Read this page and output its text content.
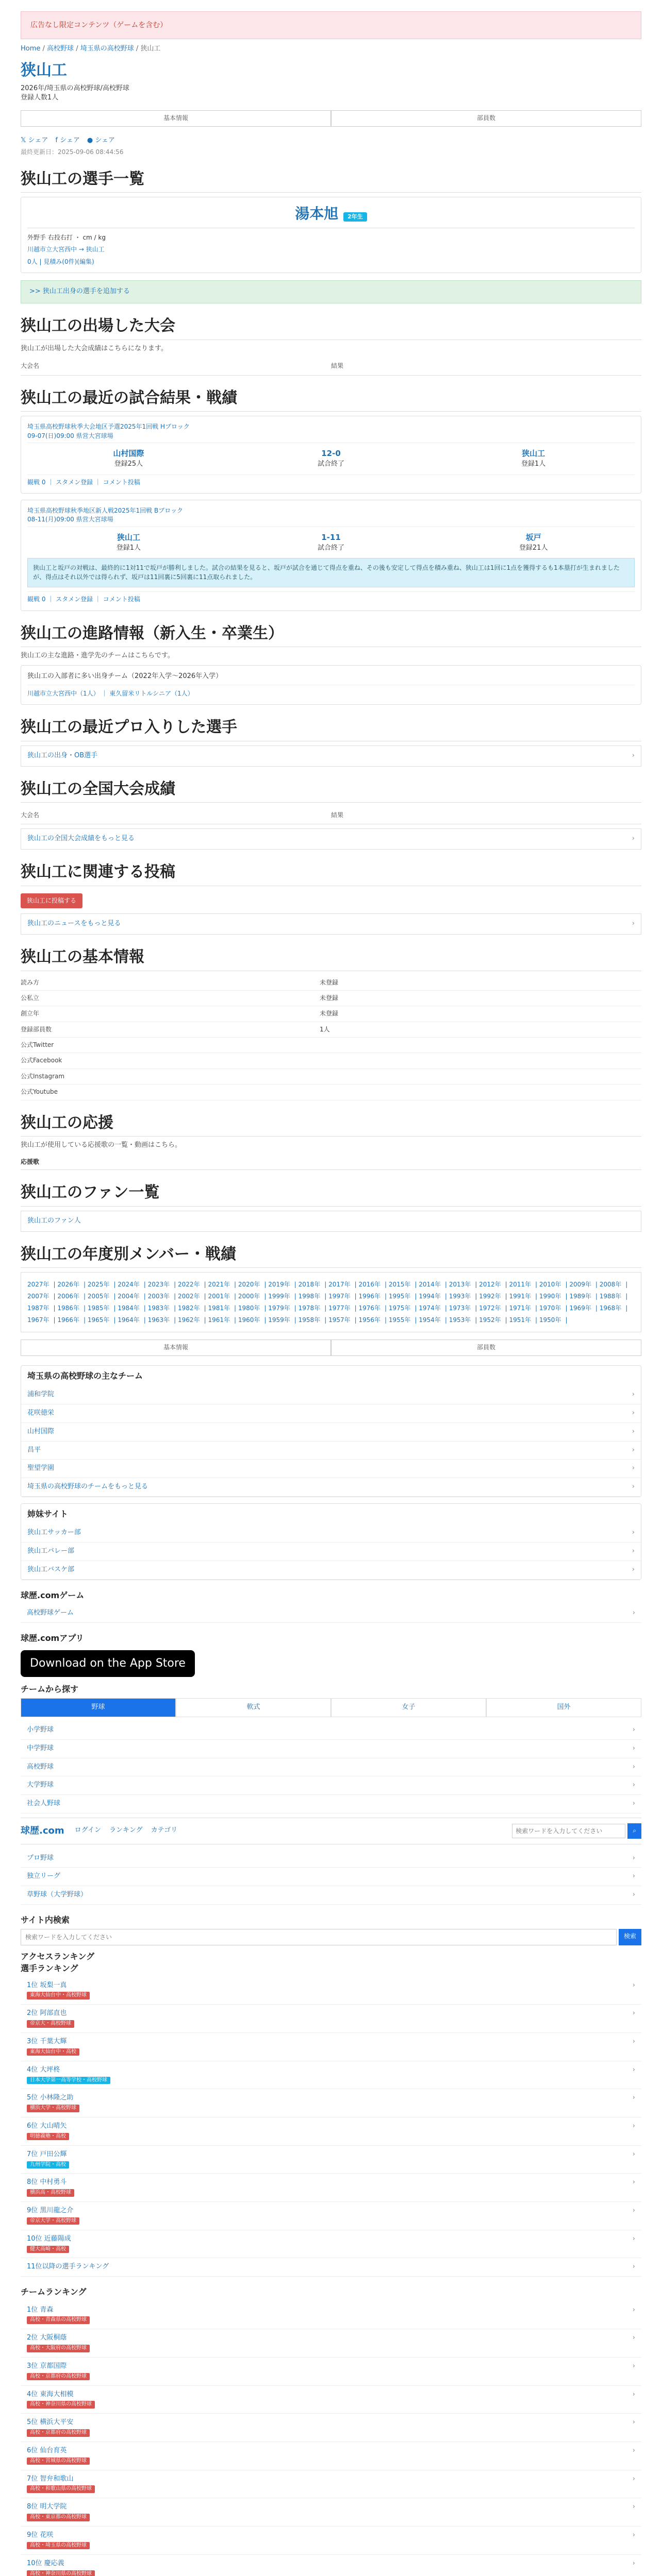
広告なし限定コンテンツ（ゲームを含む）
Home / 高校野球 / 埼玉県の高校野球 / 狭山工
狭山工
2026年/埼玉県の高校野球/高校野球
登録人数1人
基本情報	部員数
𝕏 シェア f シェア ● シェア
最終更新日：2025-09-06 08:44:56
狭山工の選手一覧
湯本旭 2年生
外野手 右投右打 ・ cm / kg
川越市立大宮西中 → 狭山工
0人 | 見積み(0件)(編集)
>> 狭山工出身の選手を追加する
狭山工の出場した大会
狭山工が出場した大会成績はこちらになります。
大会名	結果
狭山工の最近の試合結果・戦績
埼玉県高校野球秋季大会地区予選2025年1回戦 Hブロック
09-07(日)09:00 県営大宮球場
山村国際
登録25人
12-0
試合終了
狭山工
登録1人
観戦 0 ｜ スタメン登録 ｜ コメント投稿
埼玉県高校野球秋季地区新人戦2025年1回戦 Bブロック
08-11(月)09:00 県営大宮球場
狭山工
登録1人
1-11
試合終了
坂戸
登録21人
狭山工と坂戸の対戦は、最終的に1対11で坂戸が勝利しました。試合の結果を見ると、坂戸が試合を通じて得点を重ね、その後も安定して得点を積み重ね、狭山工は1回に1点を獲得するも1本塁打が生まれましたが、得点はそれ以外では得られず、坂戸は11回裏に5回裏に11点取られました。
観戦 0 ｜ スタメン登録 ｜ コメント投稿
狭山工の進路情報（新入生・卒業生）
狭山工の主な進路・進学先のチームはこちらです。
狭山工の入部者に多い出身チーム（2022年入学〜2026年入学）
川越市立大宮西中（1人） ｜ 東久留米リトルシニア（1人）
狭山工の最近プロ入りした選手
狭山工の出身・OB選手	›
狭山工の全国大会成績
大会名	結果
狭山工の全国大会成績をもっと見る	›
狭山工に関連する投稿
狭山工に投稿する
狭山工のニュースをもっと見る	›
狭山工の基本情報
読み方	未登録
公私立	未登録
創立年	未登録
登録部員数	1人
公式Twitter
公式Facebook
公式Instagram
公式Youtube
狭山工の応援
狭山工が使用している応援歌の一覧・動画はこちら。
応援歌
狭山工のファン一覧
狭山工のファン人
狭山工の年度別メンバー・戦績
2027年 | 2026年 | 2025年 | 2024年 | 2023年 | 2022年 | 2021年 | 2020年 | 2019年 | 2018年 | 2017年 | 2016年 | 2015年 | 2014年 | 2013年 | 2012年 | 2011年 | 2010年 | 2009年 | 2008年 | 2007年 | 2006年 | 2005年 | 2004年 | 2003年 | 2002年 | 2001年 | 2000年 | 1999年 | 1998年 | 1997年 | 1996年 | 1995年 | 1994年 | 1993年 | 1992年 | 1991年 | 1990年 | 1989年 | 1988年 | 1987年 | 1986年 | 1985年 | 1984年 | 1983年 | 1982年 | 1981年 | 1980年 | 1979年 | 1978年 | 1977年 | 1976年 | 1975年 | 1974年 | 1973年 | 1972年 | 1971年 | 1970年 | 1969年 | 1968年 | 1967年 | 1966年 | 1965年 | 1964年 | 1963年 | 1962年 | 1961年 | 1960年 | 1959年 | 1958年 | 1957年 | 1956年 | 1955年 | 1954年 | 1953年 | 1952年 | 1951年 | 1950年 |
基本情報	部員数
埼玉県の高校野球の主なチーム
浦和学院	›
花咲徳栄	›
山村国際	›
昌平	›
聖望学園	›
埼玉県の高校野球のチームをもっと見る	›
姉妹サイト
狭山工サッカー部	›
狭山工バレー部	›
狭山工バスケ部	›
球歴.comゲーム
高校野球ゲーム	›
球歴.comアプリ
Download on the App Store
チームから探す
野球	軟式	女子	国外
小学野球	›
中学野球	›
高校野球	›
大学野球	›
社会人野球	›
球歴.com ログイン ランキング カテゴリ
検索ワードを入力してください	⌕
プロ野球	›
独立リーグ	›
草野球（大学野球）	›
サイト内検索
検索ワードを入力してください
検索
アクセスランキング
選手ランキング
1位 坂梨一真
東海大仙台中・高校野球
›
2位 阿部直也
帝京大・高校野球
›
3位 千葉大輝
東海大仙台中・高校
›
4位 大坪柊
日本大学第一高等学校・高校野球
›
5位 小林隆之助
横浜大学・高校野球
›
6位 大山晴矢
明徳義塾・高校
›
7位 戸田公輝
九州学院・高校
›
8位 中村勇斗
横浜高・高校野球
›
9位 黒川龍之介
帝京大学・高校野球
›
10位 近藤陽成
健大高崎・高校
›
11位以降の選手ランキング	›
チームランキング
1位 青森
高校・青森県の高校野球
›
2位 大阪桐蔭
高校・大阪府の高校野球
›
3位 京都国際
高校・京都府の高校野球
›
4位 東海大相模
高校・神奈川県の高校野球
›
5位 横浜大平安
高校・京都府の高校野球
›
6位 仙台育英
高校・宮城県の高校野球
›
7位 智弁和歌山
高校・和歌山県の高校野球
›
8位 明大学院
高校・東京都の高校野球
›
9位 花咲
高校・埼玉県の高校野球
›
10位 慶応義
高校・神奈川県の高校野球
›
